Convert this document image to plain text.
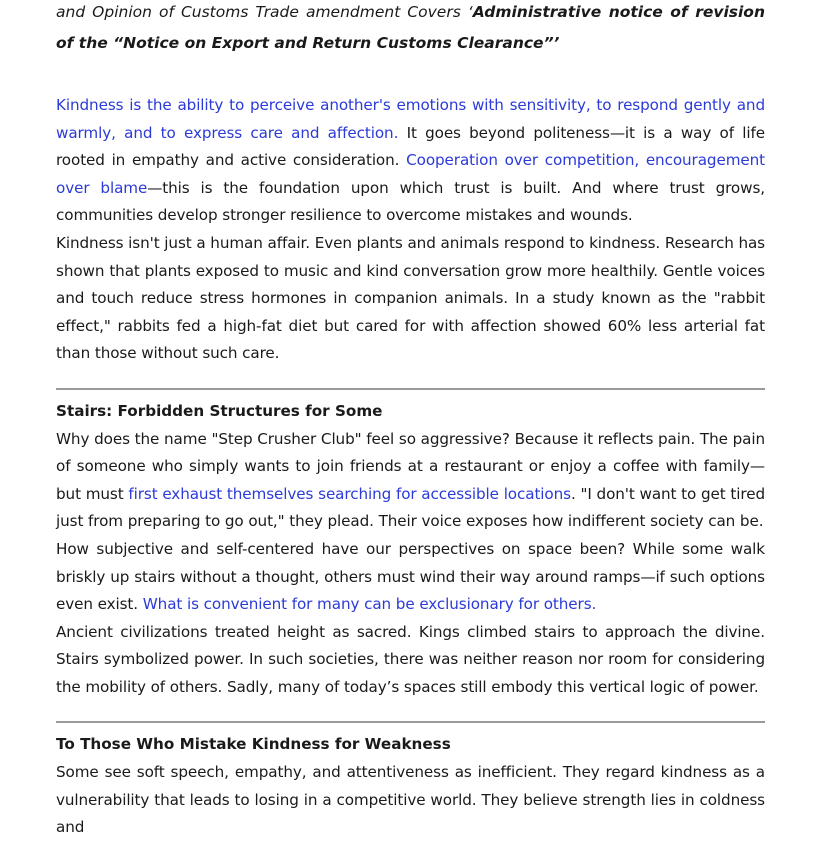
and Opinion of Customs Trade amendment Covers ‘Administrative notice of revision of the “Notice on Export and Return Customs Clearance”’

Kindness is the ability to perceive another's emotions with sensitivity, to respond gently and warmly, and to express care and affection. It goes beyond politeness—it is a way of life rooted in empathy and active consideration. Cooperation over competition, encouragement over blame—this is the foundation upon which trust is built. And where trust grows, communities develop stronger resilience to overcome mistakes and wounds.

Kindness isn't just a human affair. Even plants and animals respond to kindness. Research has shown that plants exposed to music and kind conversation grow more healthily. Gentle voices and touch reduce stress hormones in companion animals. In a study known as the "rabbit effect," rabbits fed a high-fat diet but cared for with affection showed 60% less arterial fat than those without such care.

Stairs: Forbidden Structures for Some

Why does the name "Step Crusher Club" feel so aggressive? Because it reflects pain. The pain of someone who simply wants to join friends at a restaurant or enjoy a coffee with family—but must first exhaust themselves searching for accessible locations. "I don't want to get tired just from preparing to go out," they plead. Their voice exposes how indifferent society can be.

How subjective and self-centered have our perspectives on space been? While some walk briskly up stairs without a thought, others must wind their way around ramps—if such options even exist. What is convenient for many can be exclusionary for others.

Ancient civilizations treated height as sacred. Kings climbed stairs to approach the divine. Stairs symbolized power. In such societies, there was neither reason nor room for considering the mobility of others. Sadly, many of today’s spaces still embody this vertical logic of power.

To Those Who Mistake Kindness for Weakness

Some see soft speech, empathy, and attentiveness as inefficient. They regard kindness as a vulnerability that leads to losing in a competitive world. They believe strength lies in coldness and
